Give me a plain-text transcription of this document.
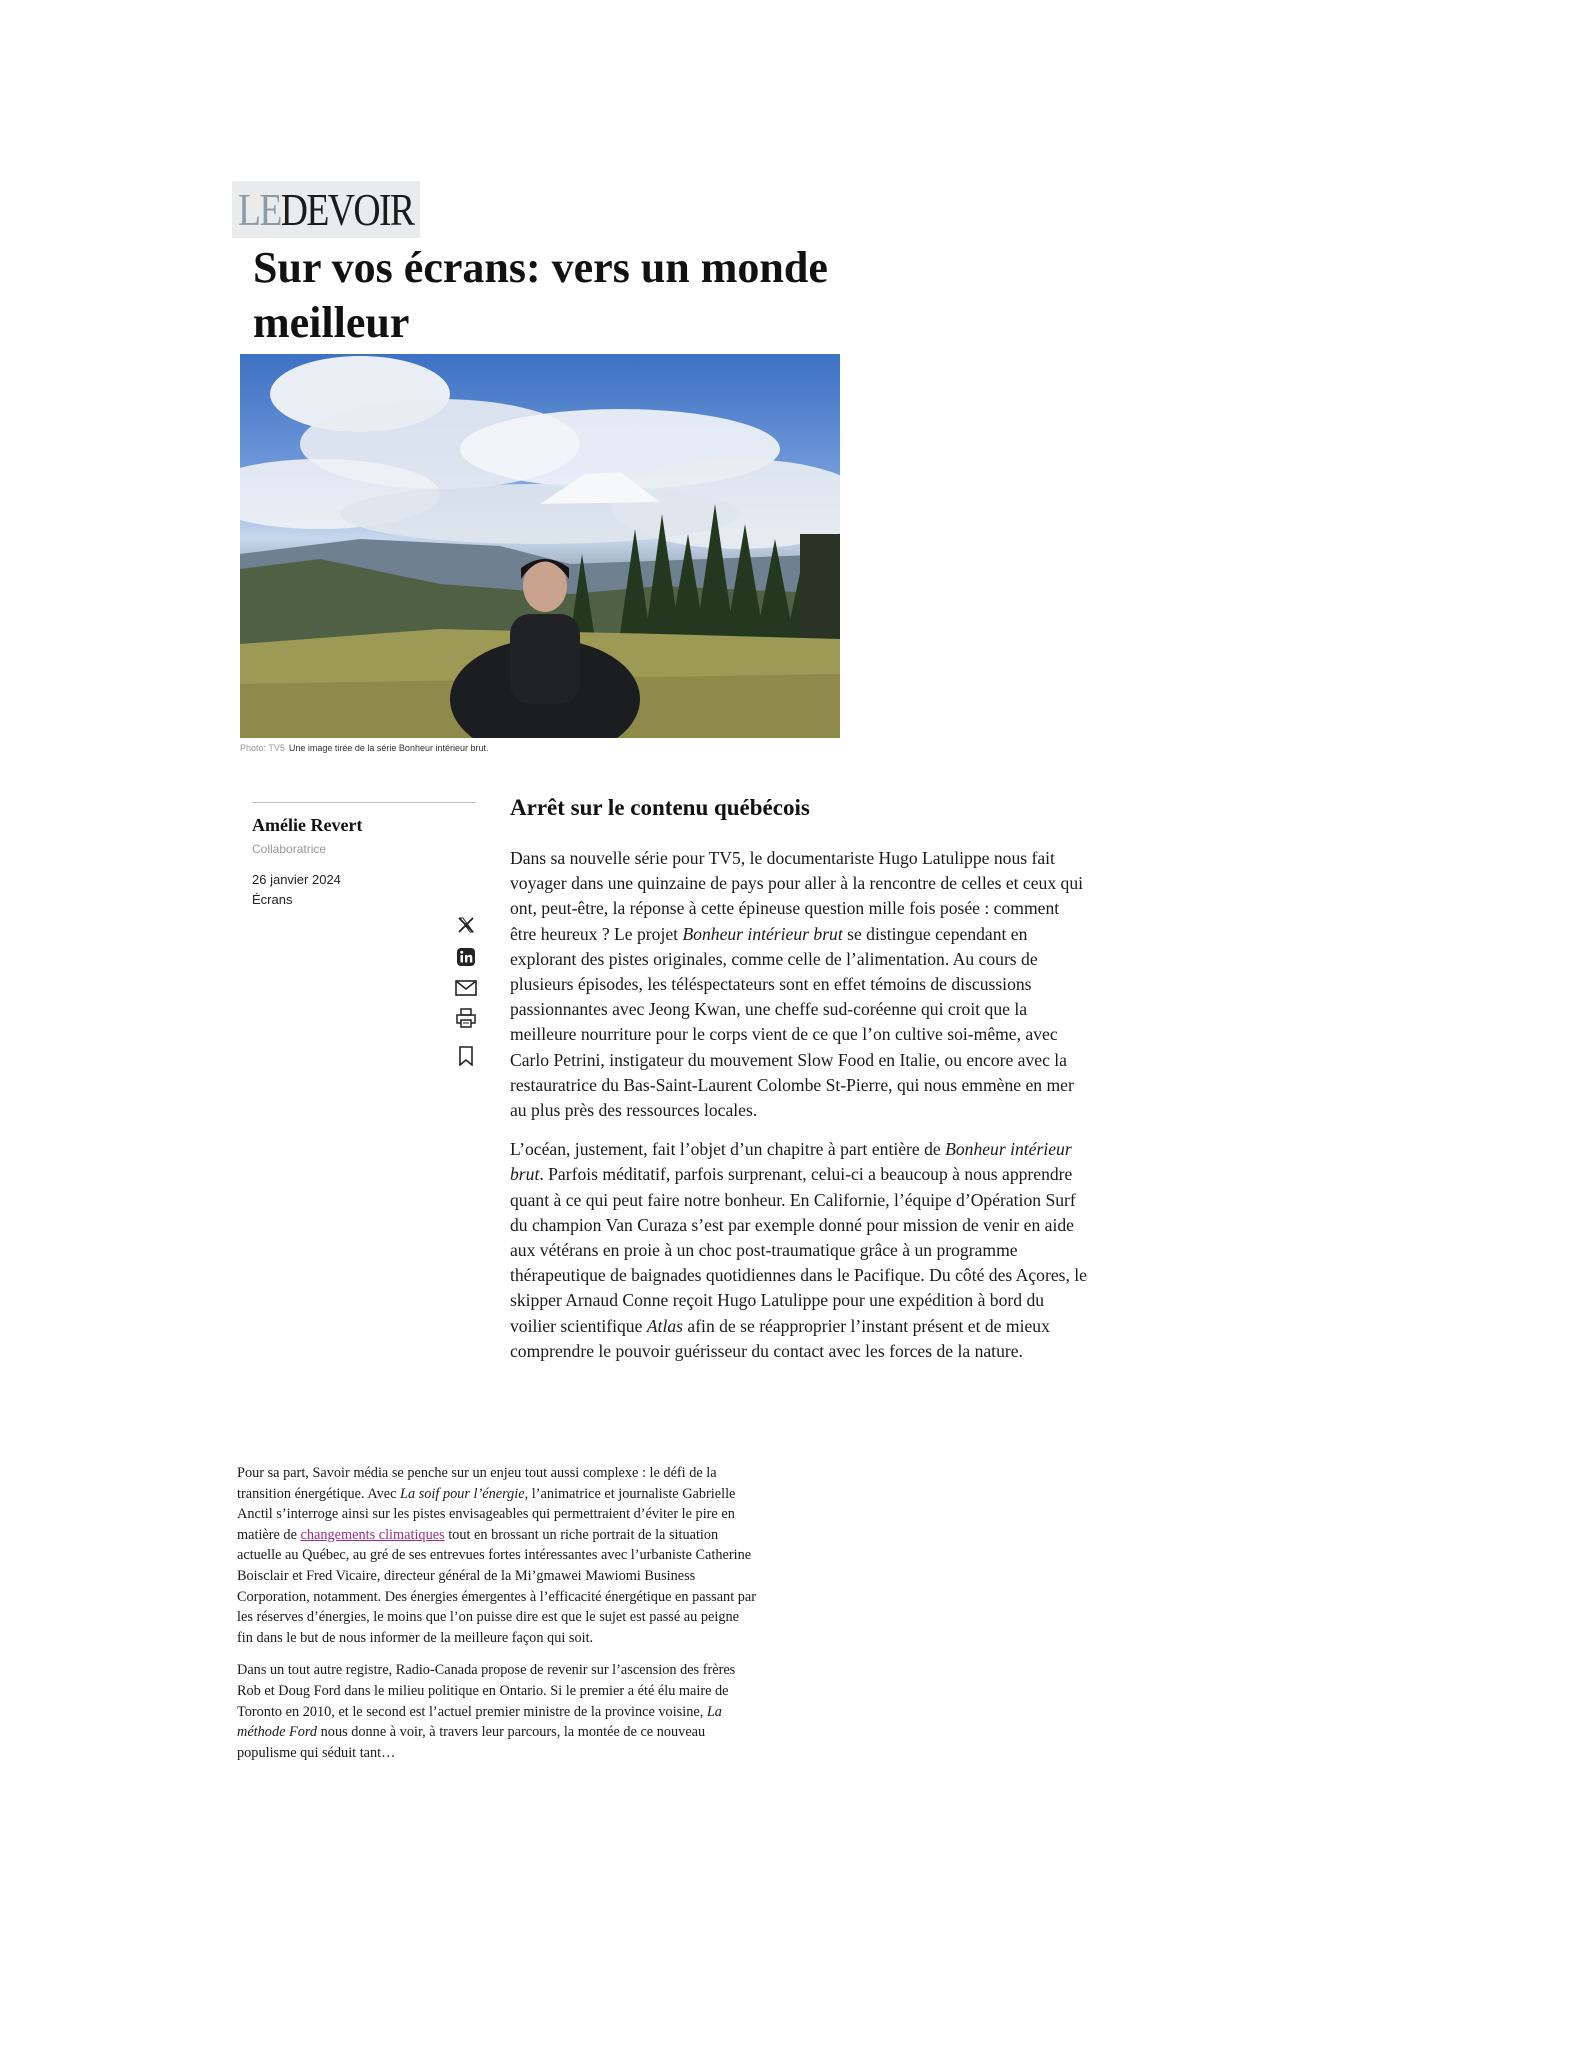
LEDEVOIR
Sur vos écrans: vers un monde meilleur
Photo: TV5 Une image tirée de la série Bonheur intérieur brut.
Amélie Revert
Collaboratrice
26 janvier 2024
Écrans
Arrêt sur le contenu québécois

Dans sa nouvelle série pour TV5, le documentariste Hugo Latulippe nous fait voyager dans une quinzaine de pays pour aller à la rencontre de celles et ceux qui ont, peut-être, la réponse à cette épineuse question mille fois posée : comment être heureux ? Le projet Bonheur intérieur brut se distingue cependant en explorant des pistes originales, comme celle de l’alimentation. Au cours de plusieurs épisodes, les téléspectateurs sont en effet témoins de discussions passionnantes avec Jeong Kwan, une cheffe sud-coréenne qui croit que la meilleure nourriture pour le corps vient de ce que l’on cultive soi-même, avec Carlo Petrini, instigateur du mouvement Slow Food en Italie, ou encore avec la restauratrice du Bas-Saint-Laurent Colombe St-Pierre, qui nous emmène en mer au plus près des ressources locales.

L’océan, justement, fait l’objet d’un chapitre à part entière de Bonheur intérieur brut. Parfois méditatif, parfois surprenant, celui-ci a beaucoup à nous apprendre quant à ce qui peut faire notre bonheur. En Californie, l’équipe d’Opération Surf du champion Van Curaza s’est par exemple donné pour mission de venir en aide aux vétérans en proie à un choc post-traumatique grâce à un programme thérapeutique de baignades quotidiennes dans le Pacifique. Du côté des Açores, le skipper Arnaud Conne reçoit Hugo Latulippe pour une expédition à bord du voilier scientifique Atlas afin de se réapproprier l’instant présent et de mieux comprendre le pouvoir guérisseur du contact avec les forces de la nature.

Pour sa part, Savoir média se penche sur un enjeu tout aussi complexe : le défi de la transition énergétique. Avec La soif pour l’énergie, l’animatrice et journaliste Gabrielle Anctil s’interroge ainsi sur les pistes envisageables qui permettraient d’éviter le pire en matière de changements climatiques tout en brossant un riche portrait de la situation actuelle au Québec, au gré de ses entrevues fortes intéressantes avec l’urbaniste Catherine Boisclair et Fred Vicaire, directeur général de la Mi’gmawei Mawiomi Business Corporation, notamment. Des énergies émergentes à l’efficacité énergétique en passant par les réserves d’énergies, le moins que l’on puisse dire est que le sujet est passé au peigne fin dans le but de nous informer de la meilleure façon qui soit.

Dans un tout autre registre, Radio-Canada propose de revenir sur l’ascension des frères Rob et Doug Ford dans le milieu politique en Ontario. Si le premier a été élu maire de Toronto en 2010, et le second est l’actuel premier ministre de la province voisine, La méthode Ford nous donne à voir, à travers leur parcours, la montée de ce nouveau populisme qui séduit tant…
